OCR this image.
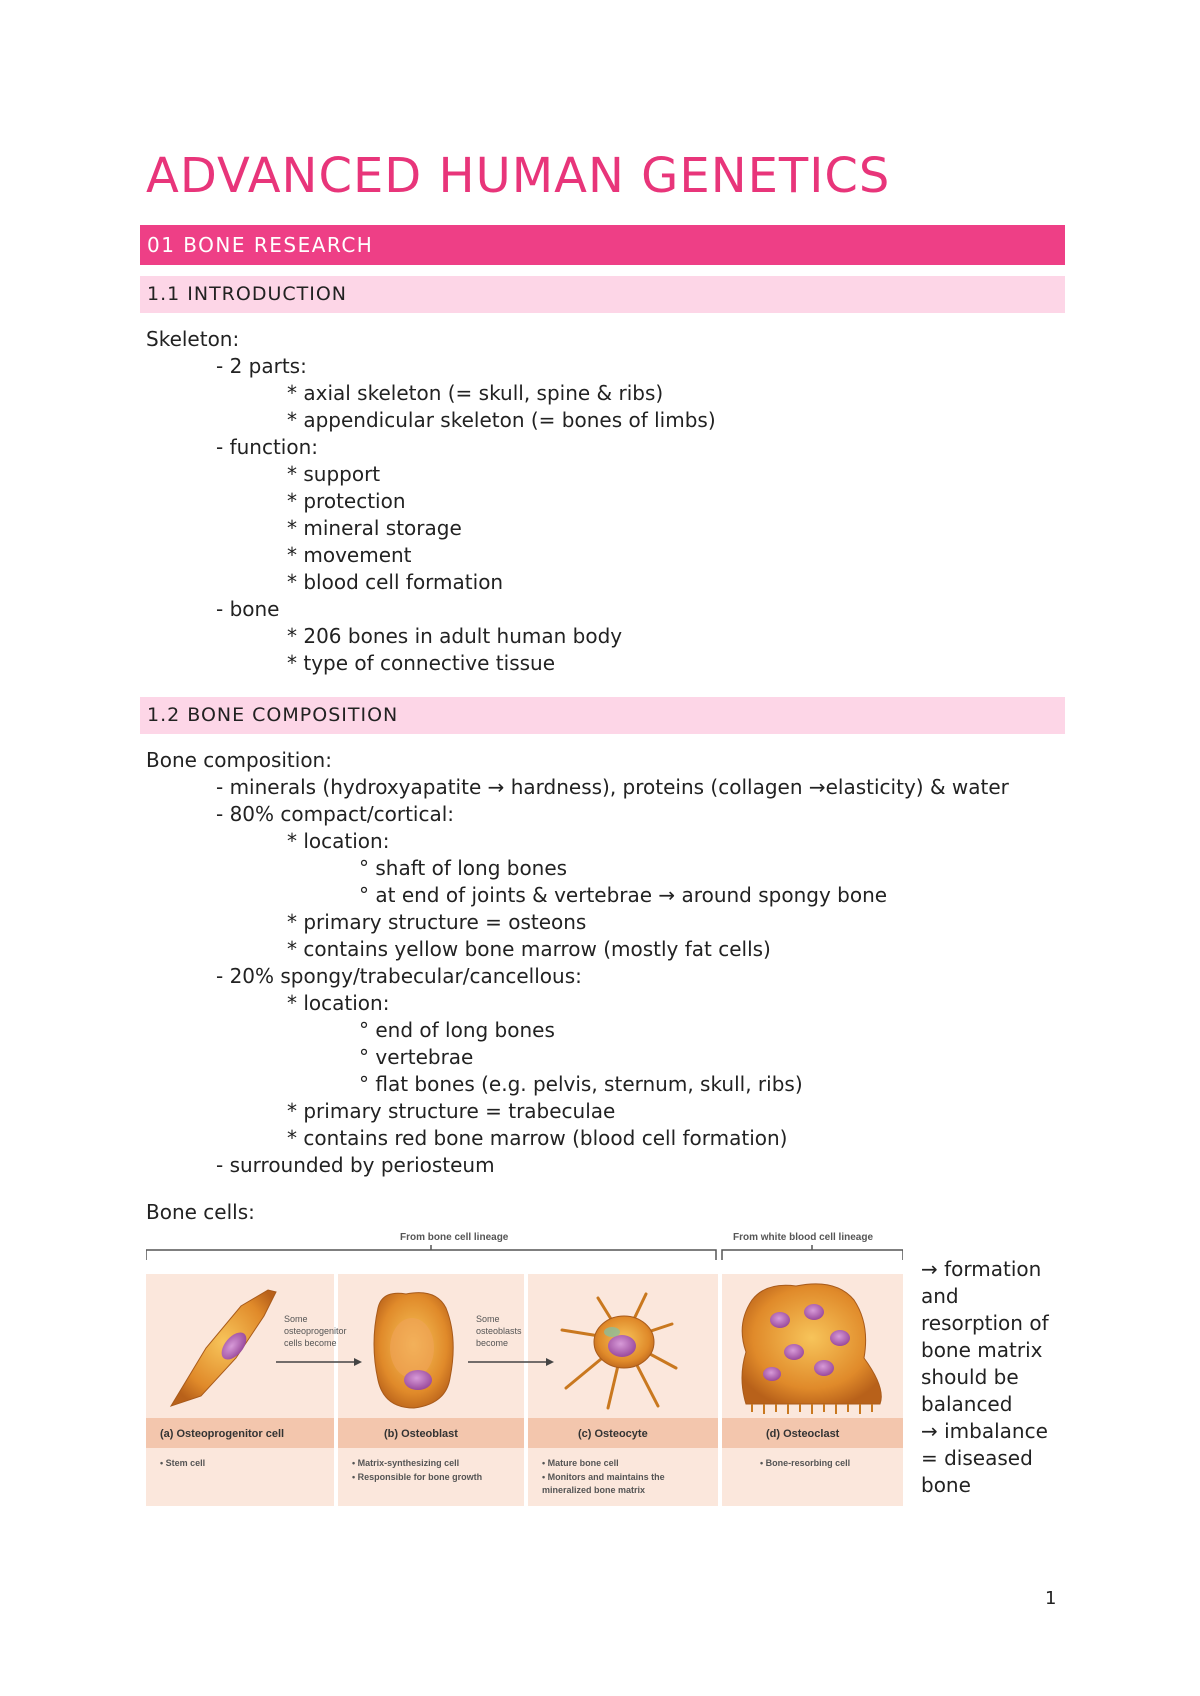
ADVANCED HUMAN GENETICS
01 BONE RESEARCH
1.1 INTRODUCTION
Skeleton:
- 2 parts:
* axial skeleton (= skull, spine & ribs)
* appendicular skeleton (= bones of limbs)
- function:
* support
* protection
* mineral storage
* movement
* blood cell formation
- bone
* 206 bones in adult human body
* type of connective tissue
1.2 BONE COMPOSITION
Bone composition:
- minerals (hydroxyapatite → hardness), proteins (collagen →elasticity) & water
- 80% compact/cortical:
* location:
° shaft of long bones
° at end of joints & vertebrae → around spongy bone
* primary structure = osteons
* contains yellow bone marrow (mostly fat cells)
- 20% spongy/trabecular/cancellous:
* location:
° end of long bones
° vertebrae
° flat bones (e.g. pelvis, sternum, skull, ribs)
* primary structure = trabeculae
* contains red bone marrow (blood cell formation)
- surrounded by periosteum
Bone cells:
From bone cell lineage	From white blood cell lineage
Some
osteoprogenitor
cells become
Some
osteoblasts
become
(a) Osteoprogenitor cell	(b) Osteoblast	(c) Osteocyte	(d) Osteoclast
• Stem cell	• Matrix-synthesizing cell
• Responsible for bone growth
• Mature bone cell
• Monitors and maintains the
mineralized bone matrix
• Bone-resorbing cell
→ formation
and
resorption of
bone matrix
should be
balanced
→ imbalance
= diseased
bone
1
